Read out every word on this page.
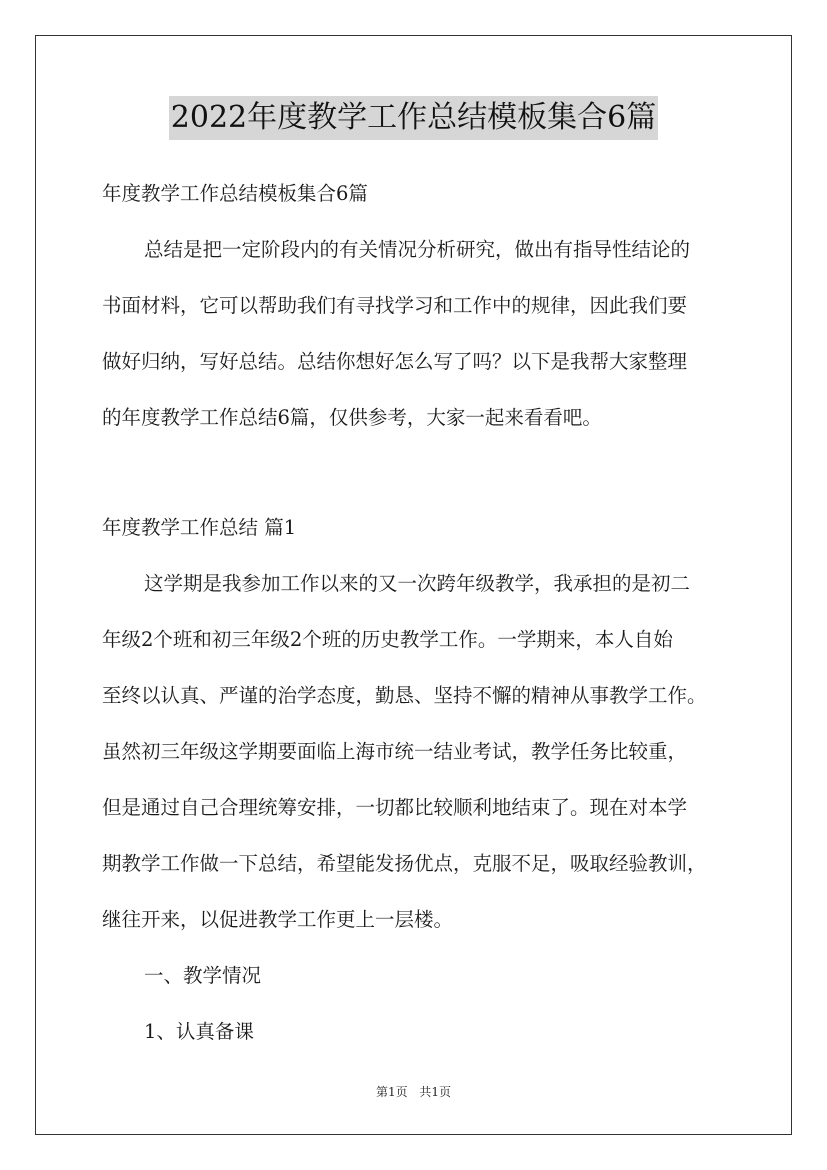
2022年度教学工作总结模板集合6篇

年度教学工作总结模板集合6篇

总结是把一定阶段内的有关情况分析研究，做出有指导性结论的

书面材料，它可以帮助我们有寻找学习和工作中的规律，因此我们要

做好归纳，写好总结。总结你想好怎么写了吗？以下是我帮大家整理

的年度教学工作总结6篇，仅供参考，大家一起来看看吧。

年度教学工作总结 篇1

这学期是我参加工作以来的又一次跨年级教学，我承担的是初二

年级2个班和初三年级2个班的历史教学工作。一学期来，本人自始

至终以认真、严谨的治学态度，勤恳、坚持不懈的精神从事教学工作。

虽然初三年级这学期要面临上海市统一结业考试，教学任务比较重，

但是通过自己合理统筹安排，一切都比较顺利地结束了。现在对本学

期教学工作做一下总结，希望能发扬优点，克服不足，吸取经验教训，

继往开来，以促进教学工作更上一层楼。

一、教学情况

1、认真备课

第1页 共1页
